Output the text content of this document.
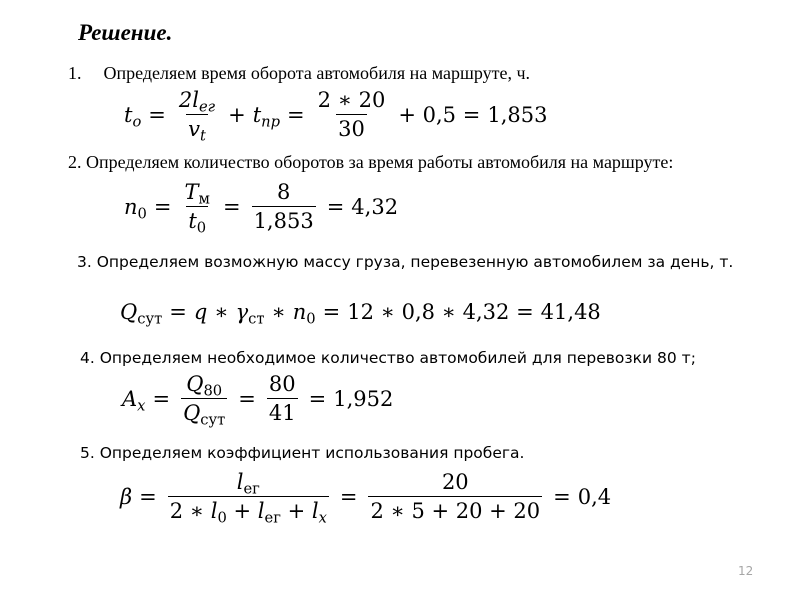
Решение.
1. Определяем время оборота автомобиля на маршруте, ч.
$t_o = \frac{2l_{ег}}{v_t} + t_{пр} = \frac{2 ∗ 20}{30} + 0,5 = 1,853$
2. Определяем количество оборотов за время работы автомобиля на маршруте:
$n_0 = \frac{T_м}{t_0} = \frac{8}{1,853} = 4,32$
3. Определяем возможную массу груза, перевезенную автомобилем за день, т.
$Q_{сут} = q$ ∗ $\gamma_{ст}$ ∗ $n_0 = 12$ ∗ 0,8 ∗ 4,32 = 41,48
4. Определяем необходимое количество автомобилей для перевозки 80 т;
$A_x = \frac{Q_{80}}{Q_{сут}} = \frac{80}{41} = 1,952$
5. Определяем коэффициент использования пробега.
$\beta = \frac{l_{ег}}{2 ∗ l_0 + l_{ег} + l_x} = \frac{20}{2 ∗ 5 + 20 + 20} = 0,4$
12
